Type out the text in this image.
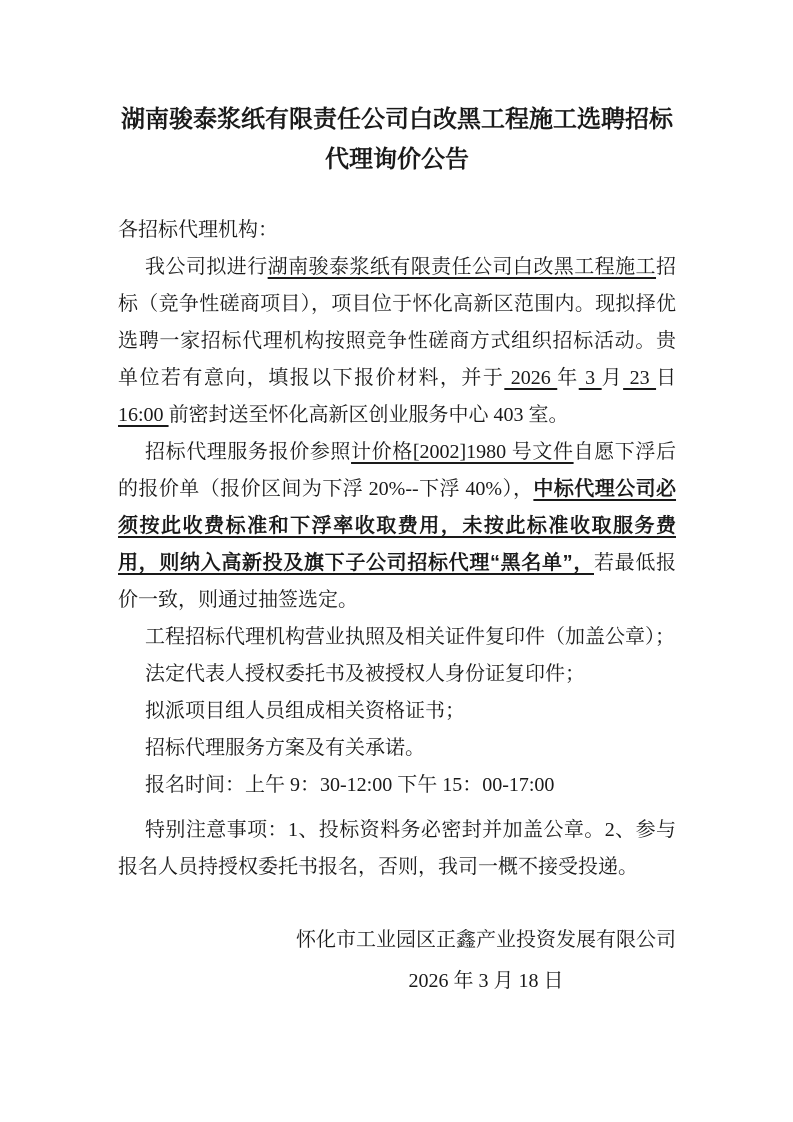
湖南骏泰浆纸有限责任公司白改黑工程施工选聘招标
代理询价公告

各招标代理机构：

我公司拟进行湖南骏泰浆纸有限责任公司白改黑工程施工招标（竞争性磋商项目），项目位于怀化高新区范围内。现拟择优选聘一家招标代理机构按照竞争性磋商方式组织招标活动。贵单位若有意向，填报以下报价材料，并于 2026 年 3 月 23 日 16:00 前密封送至怀化高新区创业服务中心 403 室。

招标代理服务报价参照计价格[2002]1980 号文件自愿下浮后的报价单（报价区间为下浮 20%--下浮 40%），中标代理公司必须按此收费标准和下浮率收取费用，未按此标准收取服务费用，则纳入高新投及旗下子公司招标代理“黑名单”，若最低报价一致，则通过抽签选定。

工程招标代理机构营业执照及相关证件复印件（加盖公章）；

法定代表人授权委托书及被授权人身份证复印件；

拟派项目组人员组成相关资格证书；

招标代理服务方案及有关承诺。

报名时间：上午 9：30-12:00 下午 15：00-17:00

特别注意事项：1、投标资料务必密封并加盖公章。2、参与报名人员持授权委托书报名，否则，我司一概不接受投递。

怀化市工业园区正鑫产业投资发展有限公司
2026 年 3 月 18 日
